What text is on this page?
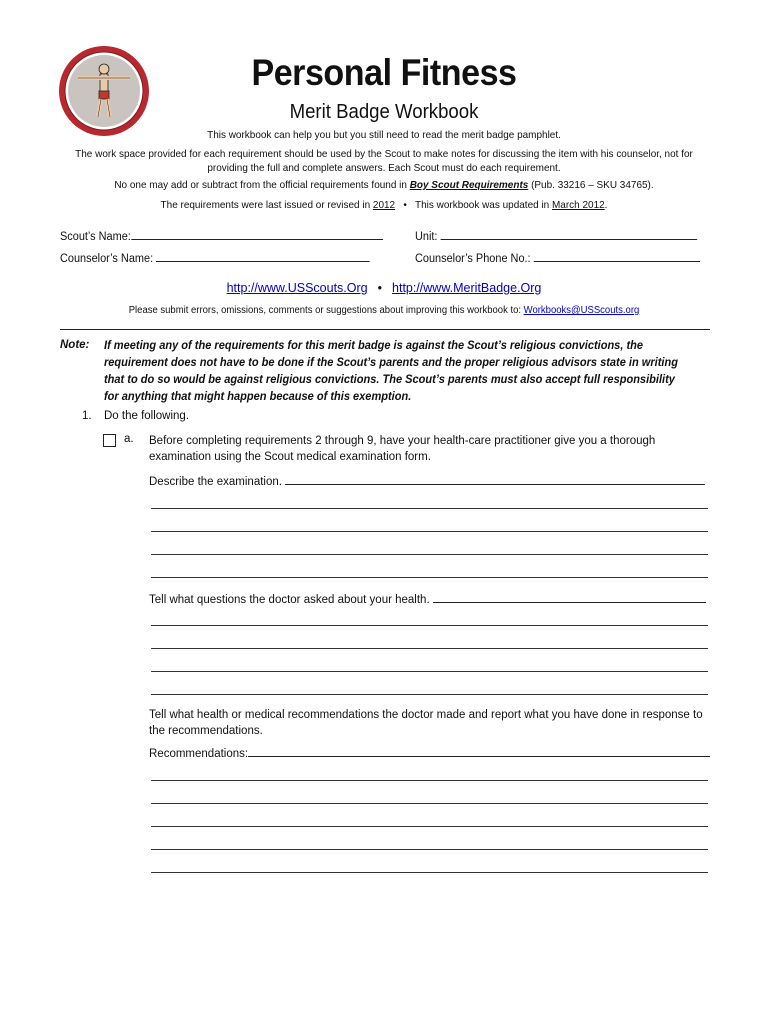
Personal Fitness
Merit Badge Workbook
This workbook can help you but you still need to read the merit badge pamphlet.
The work space provided for each requirement should be used by the Scout to make notes for discussing the item with his counselor, not for
providing the full and complete answers. Each Scout must do each requirement.
No one may add or subtract from the official requirements found in Boy Scout Requirements (Pub. 33216 – SKU 34765).
The requirements were last issued or revised in 2012   •   This workbook was updated in March 2012.
Scout’s Name:	Unit:
Counselor’s Name:	Counselor’s Phone No.:
http://www.USScouts.Org • http://www.MeritBadge.Org
Please submit errors, omissions, comments or suggestions about improving this workbook to: Workbooks@USScouts.org
Note: If meeting any of the requirements for this merit badge is against the Scout’s religious convictions, the requirement does not have to be done if the Scout’s parents and the proper religious advisors state in writing that to do so would be against religious convictions. The Scout’s parents must also accept full responsibility for anything that might happen because of this exemption.
1. Do the following.
a. Before completing requirements 2 through 9, have your health-care practitioner give you a thorough examination using the Scout medical examination form.
Describe the examination.
Tell what questions the doctor asked about your health.
Tell what health or medical recommendations the doctor made and report what you have done in response to the recommendations.
Recommendations:
